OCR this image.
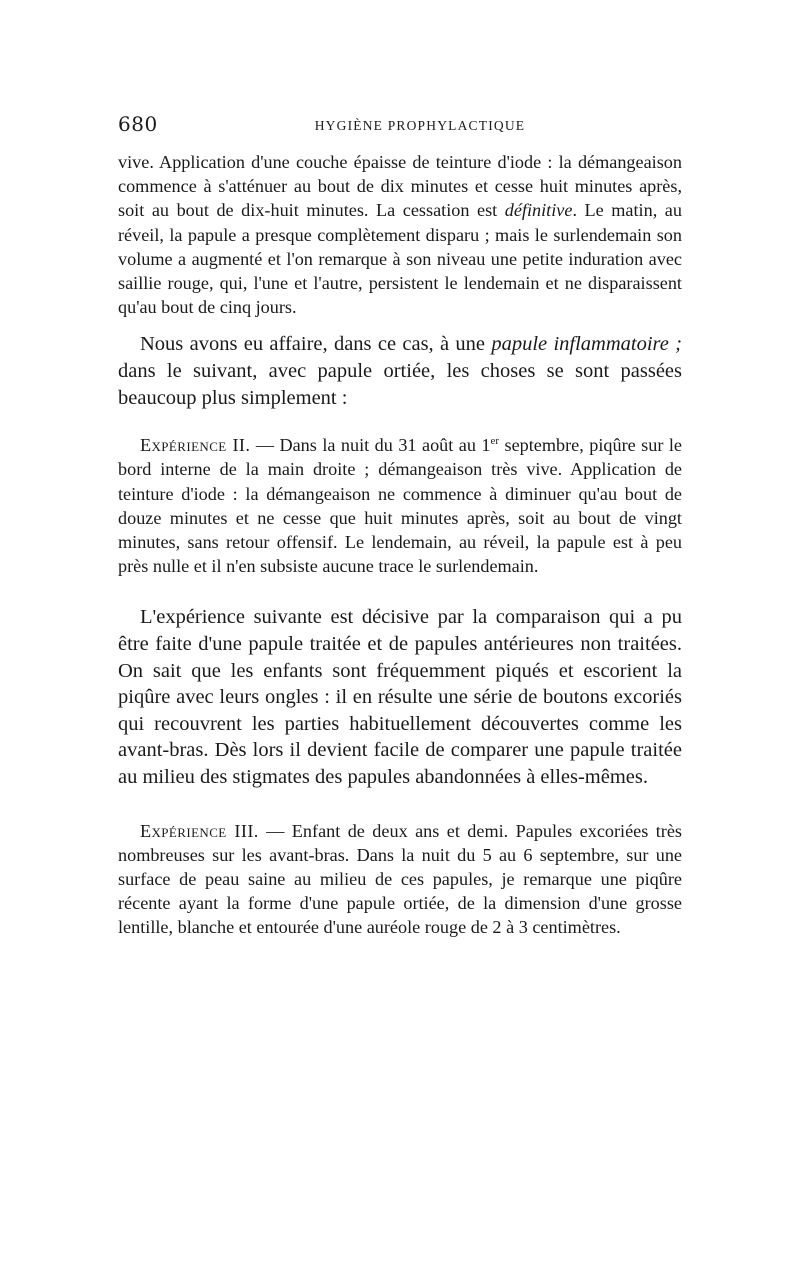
680	HYGIÈNE PROPHYLACTIQUE

vive. Application d'une couche épaisse de teinture d'iode : la démangeaison commence à s'atténuer au bout de dix minutes et cesse huit minutes après, soit au bout de dix-huit minutes. La cessation est définitive. Le matin, au réveil, la papule a presque complètement disparu ; mais le surlendemain son volume a augmenté et l'on remarque à son niveau une petite induration avec saillie rouge, qui, l'une et l'autre, persistent le lendemain et ne disparaissent qu'au bout de cinq jours.

Nous avons eu affaire, dans ce cas, à une papule inflammatoire ; dans le suivant, avec papule ortiée, les choses se sont passées beaucoup plus simplement :

Expérience II. — Dans la nuit du 31 août au 1er septembre, piqûre sur le bord interne de la main droite ; démangeaison très vive. Application de teinture d'iode : la démangeaison ne commence à diminuer qu'au bout de douze minutes et ne cesse que huit minutes après, soit au bout de vingt minutes, sans retour offensif. Le lendemain, au réveil, la papule est à peu près nulle et il n'en subsiste aucune trace le surlendemain.

L'expérience suivante est décisive par la comparaison qui a pu être faite d'une papule traitée et de papules antérieures non traitées. On sait que les enfants sont fréquemment piqués et escorient la piqûre avec leurs ongles : il en résulte une série de boutons excoriés qui recouvrent les parties habituellement découvertes comme les avant-bras. Dès lors il devient facile de comparer une papule traitée au milieu des stigmates des papules abandonnées à elles-mêmes.

Expérience III. — Enfant de deux ans et demi. Papules excoriées très nombreuses sur les avant-bras. Dans la nuit du 5 au 6 septembre, sur une surface de peau saine au milieu de ces papules, je remarque une piqûre récente ayant la forme d'une papule ortiée, de la dimension d'une grosse lentille, blanche et entourée d'une auréole rouge de 2 à 3 centimètres.
